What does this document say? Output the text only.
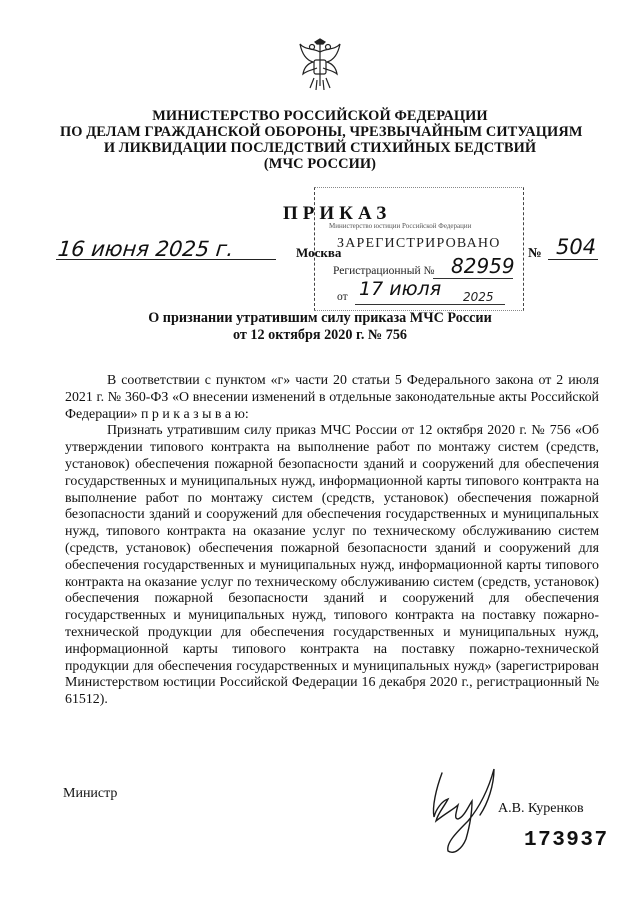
МИНИСТЕРСТВО РОССИЙСКОЙ ФЕДЕРАЦИИ
ПО ДЕЛАМ ГРАЖДАНСКОЙ ОБОРОНЫ, ЧРЕЗВЫЧАЙНЫМ СИТУАЦИЯМ
И ЛИКВИДАЦИИ ПОСЛЕДСТВИЙ СТИХИЙНЫХ БЕДСТВИЙ
(МЧС РОССИИ)
ПРИКАЗ
16 июня 2025 г.	Москва	№ 504
Министерство юстиции Российской Федерации
ЗАРЕГИСТРИРОВАНО
Регистрационный № 82959
от 17 июля 2025
О признании утратившим силу приказа МЧС России
от 12 октября 2020 г. № 756

В соответствии с пунктом «г» части 20 статьи 5 Федерального закона от 2 июля 2021 г. № 360-ФЗ «О внесении изменений в отдельные законодательные акты Российской Федерации» п р и к а з ы в а ю:

Признать утратившим силу приказ МЧС России от 12 октября 2020 г. № 756 «Об утверждении типового контракта на выполнение работ по монтажу систем (средств, установок) обеспечения пожарной безопасности зданий и сооружений для обеспечения государственных и муниципальных нужд, информационной карты типового контракта на выполнение работ по монтажу систем (средств, установок) обеспечения пожарной безопасности зданий и сооружений для обеспечения государственных и муниципальных нужд, типового контракта на оказание услуг по техническому обслуживанию систем (средств, установок) обеспечения пожарной безопасности зданий и сооружений для обеспечения государственных и муниципальных нужд, информационной карты типового контракта на оказание услуг по техническому обслуживанию систем (средств, установок) обеспечения пожарной безопасности зданий и сооружений для обеспечения государственных и муниципальных нужд, типового контракта на поставку пожарно-технической продукции для обеспечения государственных и муниципальных нужд, информационной карты типового контракта на поставку пожарно-технической продукции для обеспечения государственных и муниципальных нужд» (зарегистрирован Министерством юстиции Российской Федерации 16 декабря 2020 г., регистрационный № 61512).

Министр
А.В. Куренков
173937
